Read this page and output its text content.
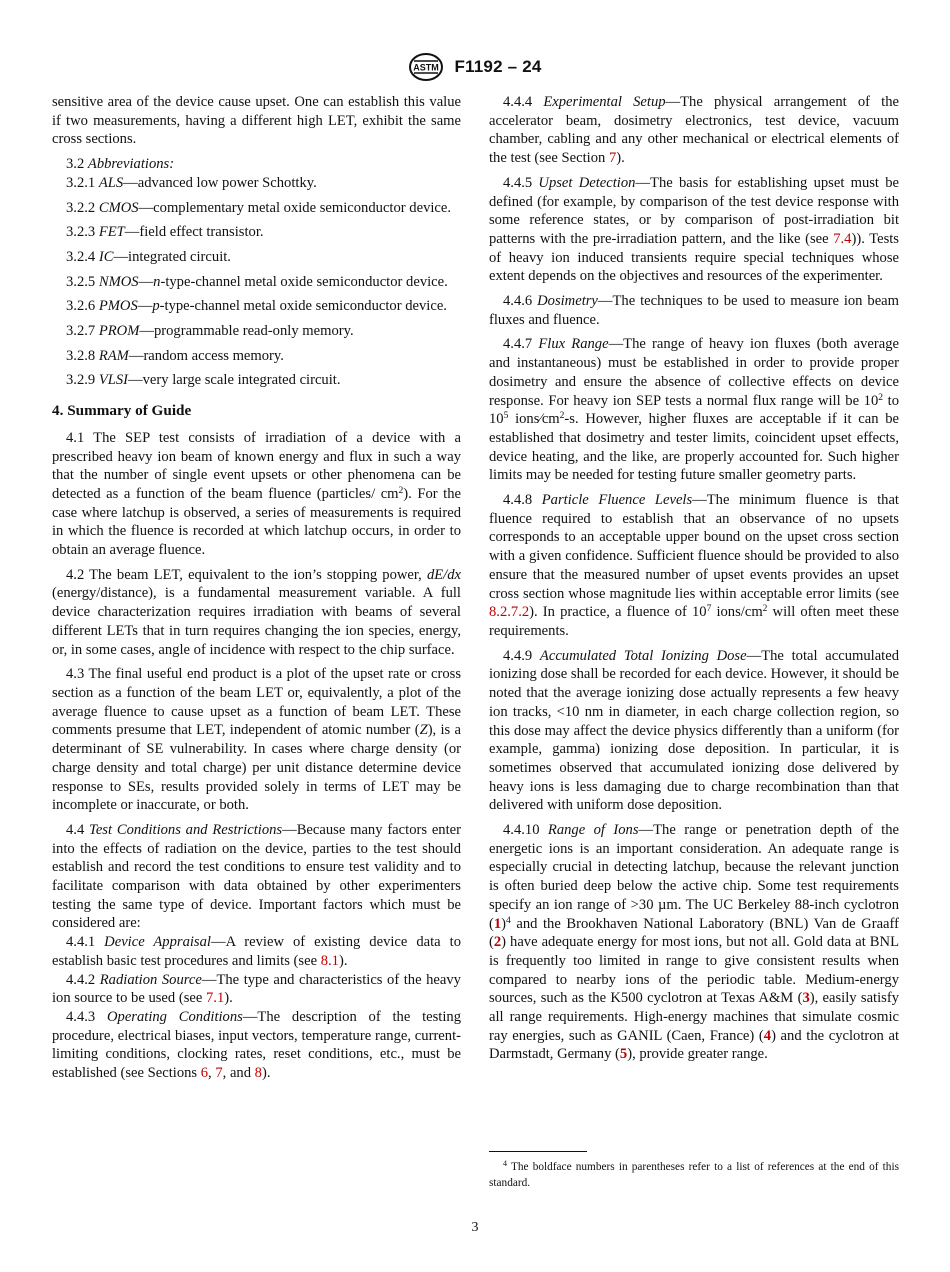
ASTM F1192 – 24

sensitive area of the device cause upset. One can establish this value if two measurements, having a different high LET, exhibit the same cross sections.

3.2 Abbreviations:

3.2.1 ALS—advanced low power Schottky.

3.2.2 CMOS—complementary metal oxide semiconductor device.

3.2.3 FET—field effect transistor.

3.2.4 IC—integrated circuit.

3.2.5 NMOS—n-type-channel metal oxide semiconductor device.

3.2.6 PMOS—p-type-channel metal oxide semiconductor device.

3.2.7 PROM—programmable read-only memory.

3.2.8 RAM—random access memory.

3.2.9 VLSI—very large scale integrated circuit.

4. Summary of Guide

4.1 The SEP test consists of irradiation of a device with a prescribed heavy ion beam of known energy and flux in such a way that the number of single event upsets or other phenomena can be detected as a function of the beam fluence (particles/ $cm^2$). For the case where latchup is observed, a series of measurements is required in which the fluence is recorded at which latchup occurs, in order to obtain an average fluence.

4.2 The beam LET, equivalent to the ion’s stopping power, dE/dx (energy/distance), is a fundamental measurement variable. A full device characterization requires irradiation with beams of several different LETs that in turn requires changing the ion species, energy, or, in some cases, angle of incidence with respect to the chip surface.

4.3 The final useful end product is a plot of the upset rate or cross section as a function of the beam LET or, equivalently, a plot of the average fluence to cause upset as a function of beam LET. These comments presume that LET, independent of atomic number (Z), is a determinant of SE vulnerability. In cases where charge density (or charge density and total charge) per unit distance determine device response to SEs, results provided solely in terms of LET may be incomplete or inaccurate, or both.

4.4 Test Conditions and Restrictions—Because many factors enter into the effects of radiation on the device, parties to the test should establish and record the test conditions to ensure test validity and to facilitate comparison with data obtained by other experimenters testing the same type of device. Important factors which must be considered are:

4.4.1 Device Appraisal—A review of existing device data to establish basic test procedures and limits (see 8.1).

4.4.2 Radiation Source—The type and characteristics of the heavy ion source to be used (see 7.1).

4.4.3 Operating Conditions—The description of the testing procedure, electrical biases, input vectors, temperature range, current-limiting conditions, clocking rates, reset conditions, etc., must be established (see Sections 6, 7, and 8).

4.4.4 Experimental Setup—The physical arrangement of the accelerator beam, dosimetry electronics, test device, vacuum chamber, cabling and any other mechanical or electrical elements of the test (see Section 7).

4.4.5 Upset Detection—The basis for establishing upset must be defined (for example, by comparison of the test device response with some reference states, or by comparison of post-irradiation bit patterns with the pre-irradiation pattern, and the like (see 7.4)). Tests of heavy ion induced transients require special techniques whose extent depends on the objectives and resources of the experimenter.

4.4.6 Dosimetry—The techniques to be used to measure ion beam fluxes and fluence.

4.4.7 Flux Range—The range of heavy ion fluxes (both average and instantaneous) must be established in order to provide proper dosimetry and ensure the absence of collective effects on device response. For heavy ion SEP tests a normal flux range will be $10^2$ to $10^5$ $ions⁄cm^2-s$. However, higher fluxes are acceptable if it can be established that dosimetry and tester limits, coincident upset effects, device heating, and the like, are properly accounted for. Such higher limits may be needed for testing future smaller geometry parts.

4.4.8 Particle Fluence Levels—The minimum fluence is that fluence required to establish that an observance of no upsets corresponds to an acceptable upper bound on the upset cross section with a given confidence. Sufficient fluence should be provided to also ensure that the measured number of upset events provides an upset cross section whose magnitude lies within acceptable error limits (see 8.2.7.2). In practice, a fluence of $10^7$ ions/$cm^2$ will often meet these requirements.

4.4.9 Accumulated Total Ionizing Dose—The total accumulated ionizing dose shall be recorded for each device. However, it should be noted that the average ionizing dose actually represents a few heavy ion tracks, <10 nm in diameter, in each charge collection region, so this dose may affect the device physics differently than a uniform (for example, gamma) ionizing dose deposition. In particular, it is sometimes observed that accumulated ionizing dose delivered by heavy ions is less damaging due to charge recombination than that delivered with uniform dose deposition.

4.4.10 Range of Ions—The range or penetration depth of the energetic ions is an important consideration. An adequate range is especially crucial in detecting latchup, because the relevant junction is often buried deep below the active chip. Some test requirements specify an ion range of >30 µm. The UC Berkeley 88-inch cyclotron $(1)^4$ and the Brookhaven National Laboratory (BNL) Van de Graaff (2) have adequate energy for most ions, but not all. Gold data at BNL is frequently too limited in range to give consistent results when compared to nearby ions of the periodic table. Medium-energy sources, such as the K500 cyclotron at Texas A&M (3), easily satisfy all range requirements. High-energy machines that simulate cosmic ray energies, such as GANIL (Caen, France) (4) and the cyclotron at Darmstadt, Germany (5), provide greater range.

$^4$ The boldface numbers in parentheses refer to a list of references at the end of this standard.
3
